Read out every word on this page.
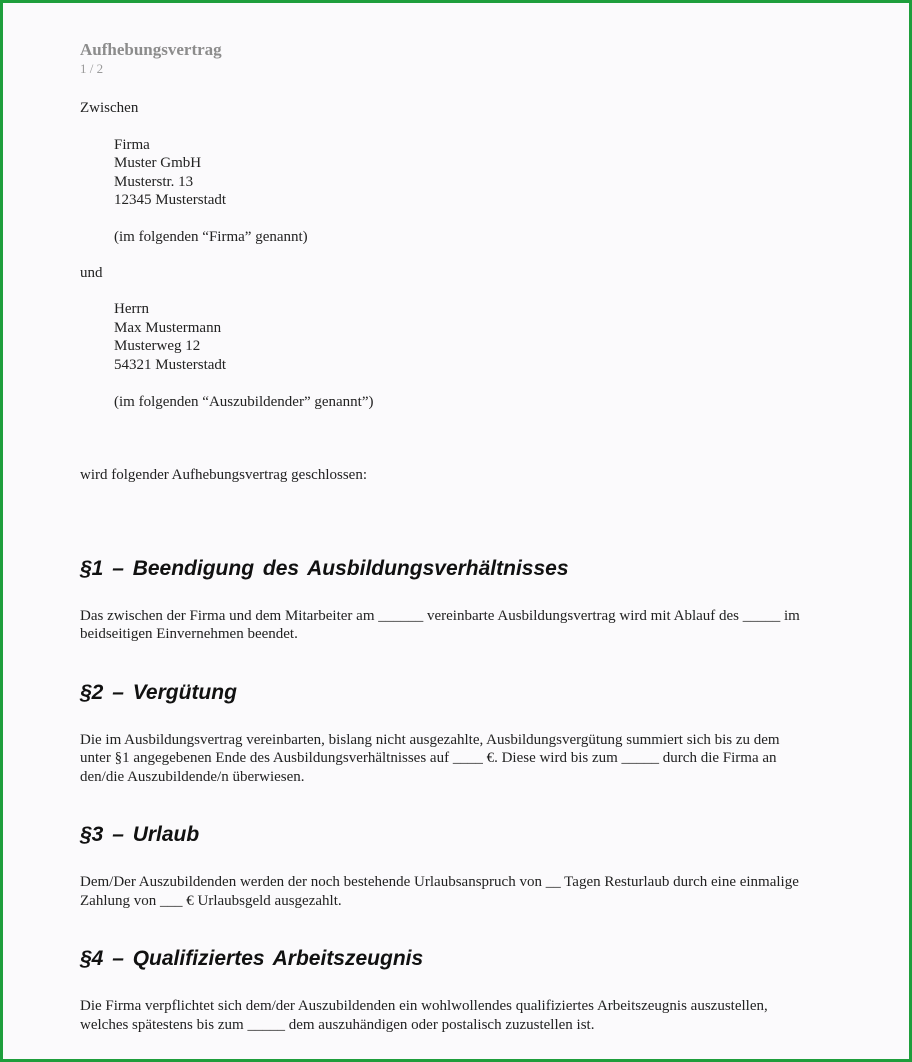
Aufhebungsvertrag
1 / 2
Zwischen
Firma
Muster GmbH
Musterstr. 13
12345 Musterstadt
(im folgenden “Firma” genannt)
und
Herrn
Max Mustermann
Musterweg 12
54321 Musterstadt
(im folgenden “Auszubildender” genannt”)
wird folgender Aufhebungsvertrag geschlossen:
§1 – Beendigung des Ausbildungsverhältnisses
Das zwischen der Firma und dem Mitarbeiter am ______ vereinbarte Ausbildungsvertrag wird mit Ablauf des _____ im
beidseitigen Einvernehmen beendet.
§2 – Vergütung
Die im Ausbildungsvertrag vereinbarten, bislang nicht ausgezahlte, Ausbildungsvergütung summiert sich bis zu dem
unter §1 angegebenen Ende des Ausbildungsverhältnisses auf ____ €. Diese wird bis zum _____ durch die Firma an
den/die Auszubildende/n überwiesen.
§3 – Urlaub
Dem/Der Auszubildenden werden der noch bestehende Urlaubsanspruch von __ Tagen Resturlaub durch eine einmalige
Zahlung von ___ € Urlaubsgeld ausgezahlt.
§4 – Qualifiziertes Arbeitszeugnis
Die Firma verpflichtet sich dem/der Auszubildenden ein wohlwollendes qualifiziertes Arbeitszeugnis auszustellen,
welches spätestens bis zum _____ dem auszuhändigen oder postalisch zuzustellen ist.
